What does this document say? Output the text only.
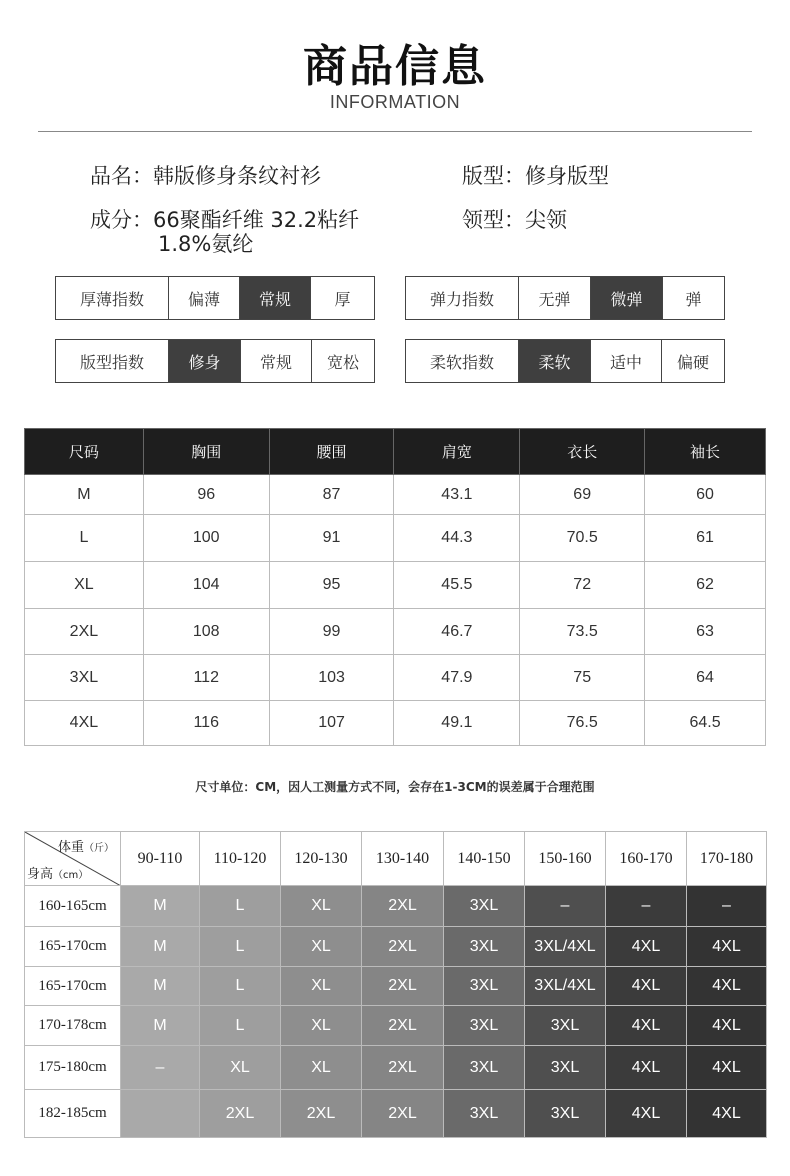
商品信息
INFORMATION
品名：韩版修身条纹衬衫	版型：修身版型
成分：66聚酯纤维 32.2粘纤
1.8%氨纶
领型：尖领
厚薄指数	偏薄	常规	厚	弹力指数	无弹	微弹	弹
版型指数	修身	常规	宽松	柔软指数	柔软	适中	偏硬
尺码	胸围	腰围	肩宽	衣长	袖长
M	96	87	43.1	69	60
L	100	91	44.3	70.5	61
XL	104	95	45.5	72	62
2XL	108	99	46.7	73.5	63
3XL	112	103	47.9	75	64
4XL	116	107	49.1	76.5	64.5
尺寸单位：CM，因人工测量方式不同，会存在1-3CM的误差属于合理范围
体重（斤）
身高（cm）	90-110	110-120	120-130	130-140	140-150	150-160	160-170	170-180
160-165cm	M	L	XL	2XL	3XL	–	–	–
165-170cm	M	L	XL	2XL	3XL	3XL/4XL	4XL	4XL
165-170cm	M	L	XL	2XL	3XL	3XL/4XL	4XL	4XL
170-178cm	M	L	XL	2XL	3XL	3XL	4XL	4XL
175-180cm	–	XL	XL	2XL	3XL	3XL	4XL	4XL
182-185cm		2XL	2XL	2XL	3XL	3XL	4XL	4XL
